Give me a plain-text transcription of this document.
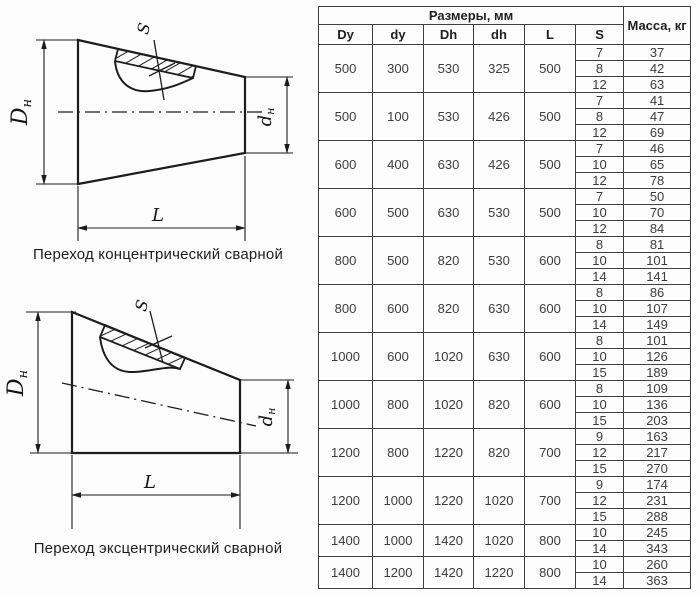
Dн
dн
L
S
Переход концентрический сварной
Dн
dн
L
S
Переход эксцентрический сварной
Размеры, мм						Масса, кг
Dy	dy	Dh	dh	L	S	
500	300	530	325	500	7	37
					8	42
					12	63
500	100	530	426	500	7	41
					8	47
					12	69
600	400	630	426	500	7	46
					10	65
					12	78
600	500	630	530	500	7	50
					10	70
					12	84
800	500	820	530	600	8	81
					10	101
					14	141
800	600	820	630	600	8	86
					10	107
					14	149
1000	600	1020	630	600	8	101
					10	126
					15	189
1000	800	1020	820	600	8	109
					10	136
					15	203
1200	800	1220	820	700	9	163
					12	217
					15	270
1200	1000	1220	1020	700	9	174
					12	231
					15	288
1400	1000	1420	1020	800	10	245
					14	343
1400	1200	1420	1220	800	10	260
					14	363
